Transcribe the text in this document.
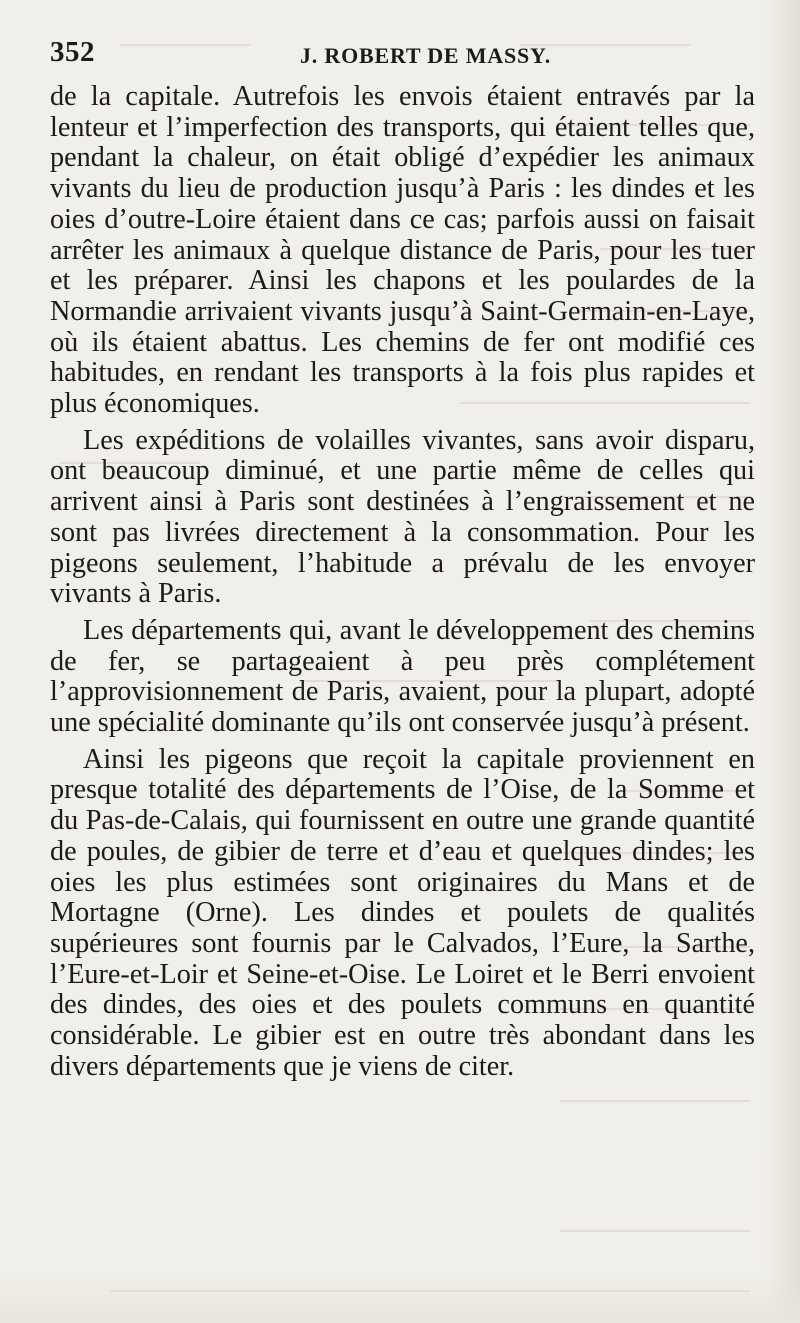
352	J. ROBERT DE MASSY.

de la capitale. Autrefois les envois étaient entravés par la lenteur et l’imperfection des transports, qui étaient telles que, pendant la chaleur, on était obligé d’expédier les animaux vivants du lieu de production jusqu’à Paris : les dindes et les oies d’outre-Loire étaient dans ce cas; parfois aussi on faisait arrêter les animaux à quelque distance de Paris, pour les tuer et les préparer. Ainsi les chapons et les poulardes de la Normandie arrivaient vivants jusqu’à Saint-Germain-en-Laye, où ils étaient abattus. Les chemins de fer ont modifié ces habitudes, en rendant les transports à la fois plus rapides et plus économiques.

Les expéditions de volailles vivantes, sans avoir disparu, ont beaucoup diminué, et une partie même de celles qui arrivent ainsi à Paris sont destinées à l’engraissement et ne sont pas livrées directement à la consommation. Pour les pigeons seulement, l’habitude a prévalu de les envoyer vivants à Paris.

Les départements qui, avant le développement des chemins de fer, se partageaient à peu près complétement l’approvisionnement de Paris, avaient, pour la plupart, adopté une spécialité dominante qu’ils ont conservée jusqu’à présent.

Ainsi les pigeons que reçoit la capitale proviennent en presque totalité des départements de l’Oise, de la Somme et du Pas-de-Calais, qui fournissent en outre une grande quantité de poules, de gibier de terre et d’eau et quelques dindes; les oies les plus estimées sont originaires du Mans et de Mortagne (Orne). Les dindes et poulets de qualités supérieures sont fournis par le Calvados, l’Eure, la Sarthe, l’Eure-et-Loir et Seine-et-Oise. Le Loiret et le Berri envoient des dindes, des oies et des poulets communs en quantité considérable. Le gibier est en outre très abondant dans les divers départements que je viens de citer.
